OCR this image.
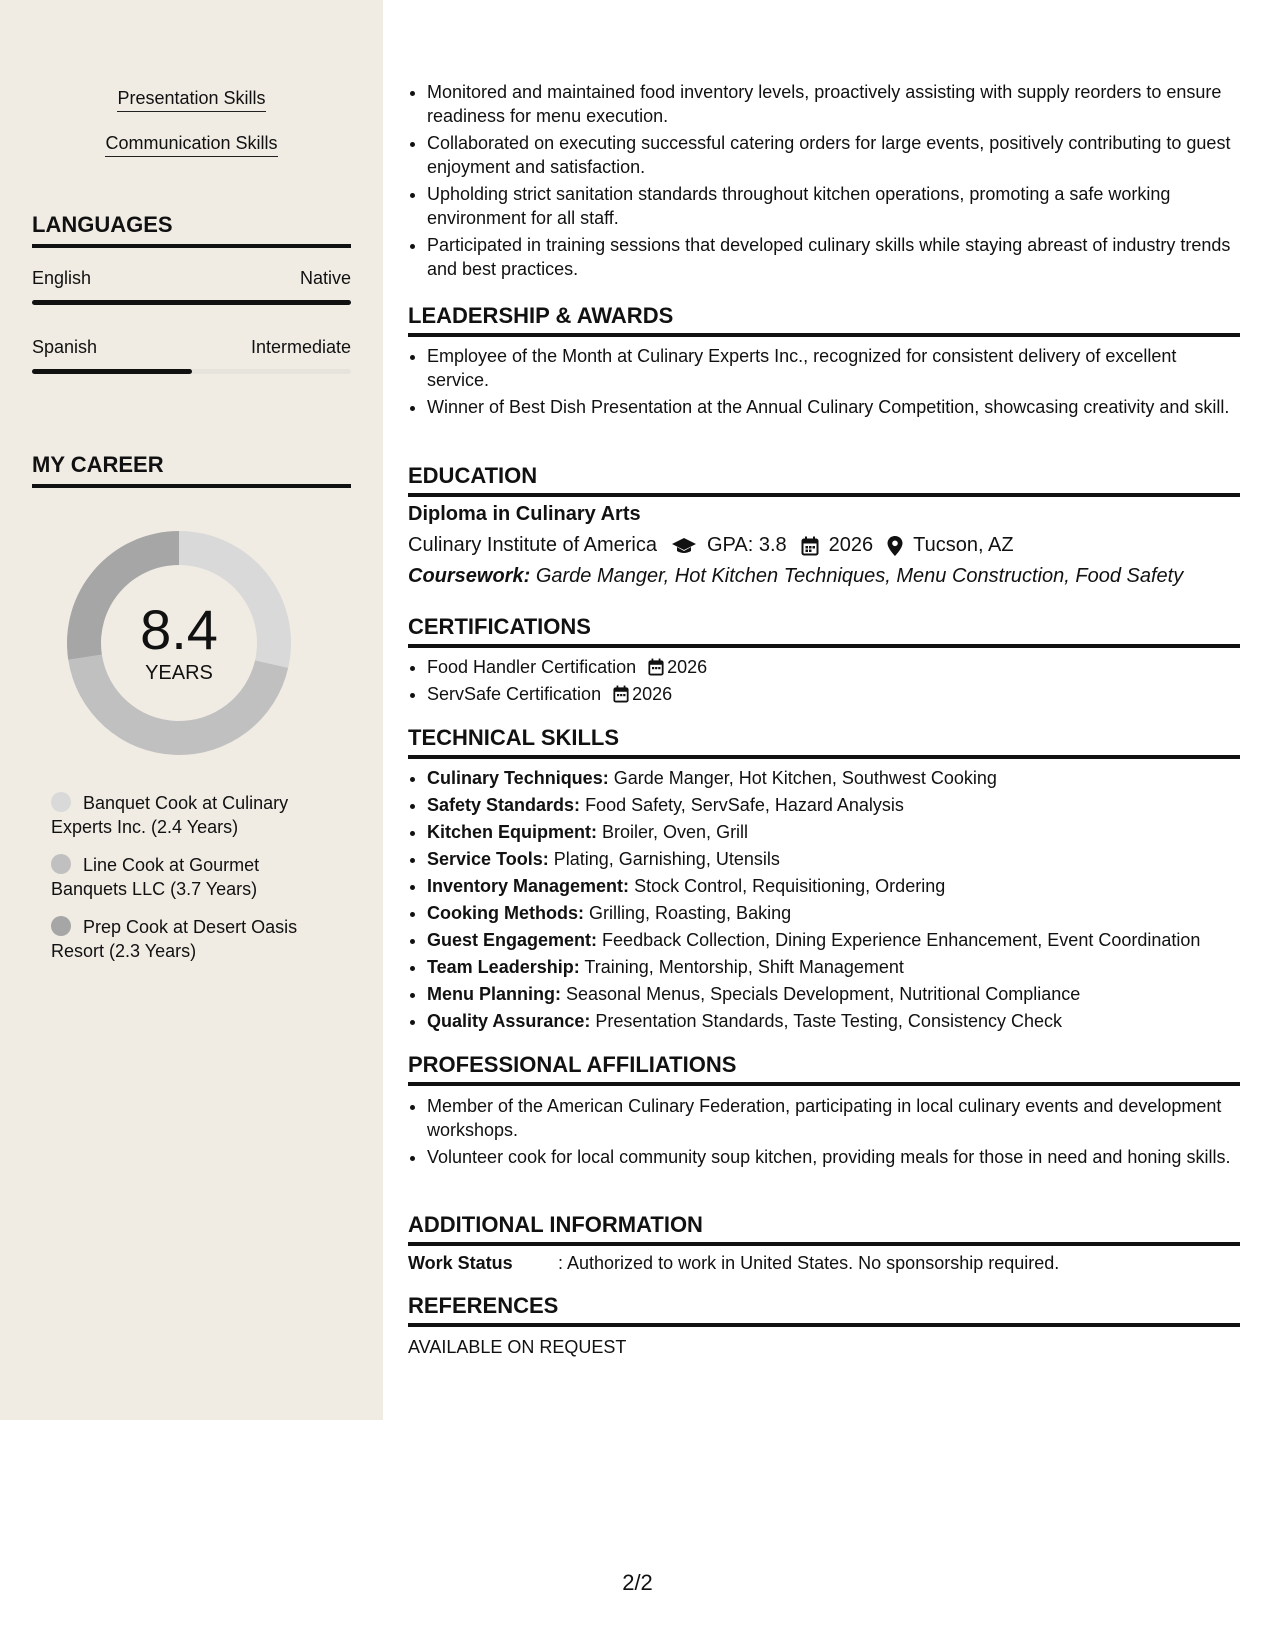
Presentation Skills
Communication Skills
LANGUAGES
English	Native
Spanish	Intermediate
MY CAREER
8.4
YEARS
Banquet Cook at Culinary Experts Inc. (2.4 Years)
Line Cook at Gourmet Banquets LLC (3.7 Years)
Prep Cook at Desert Oasis Resort (2.3 Years)
• Monitored and maintained food inventory levels, proactively assisting with supply reorders to ensure readiness for menu execution.
• Collaborated on executing successful catering orders for large events, positively contributing to guest enjoyment and satisfaction.
• Upholding strict sanitation standards throughout kitchen operations, promoting a safe working environment for all staff.
• Participated in training sessions that developed culinary skills while staying abreast of industry trends and best practices.
LEADERSHIP & AWARDS
• Employee of the Month at Culinary Experts Inc., recognized for consistent delivery of excellent service.
• Winner of Best Dish Presentation at the Annual Culinary Competition, showcasing creativity and skill.
EDUCATION
Diploma in Culinary Arts
Culinary Institute of America	GPA: 3.8 2026 Tucson, AZ
Coursework: Garde Manger, Hot Kitchen Techniques, Menu Construction, Food Safety
CERTIFICATIONS
• Food Handler Certification 2026
• ServSafe Certification 2026
TECHNICAL SKILLS
• Culinary Techniques: Garde Manger, Hot Kitchen, Southwest Cooking
• Safety Standards: Food Safety, ServSafe, Hazard Analysis
• Kitchen Equipment: Broiler, Oven, Grill
• Service Tools: Plating, Garnishing, Utensils
• Inventory Management: Stock Control, Requisitioning, Ordering
• Cooking Methods: Grilling, Roasting, Baking
• Guest Engagement: Feedback Collection, Dining Experience Enhancement, Event Coordination
• Team Leadership: Training, Mentorship, Shift Management
• Menu Planning: Seasonal Menus, Specials Development, Nutritional Compliance
• Quality Assurance: Presentation Standards, Taste Testing, Consistency Check
PROFESSIONAL AFFILIATIONS
• Member of the American Culinary Federation, participating in local culinary events and development workshops.
• Volunteer cook for local community soup kitchen, providing meals for those in need and honing skills.
ADDITIONAL INFORMATION
Work Status	: Authorized to work in United States. No sponsorship required.
REFERENCES
AVAILABLE ON REQUEST
2/2
